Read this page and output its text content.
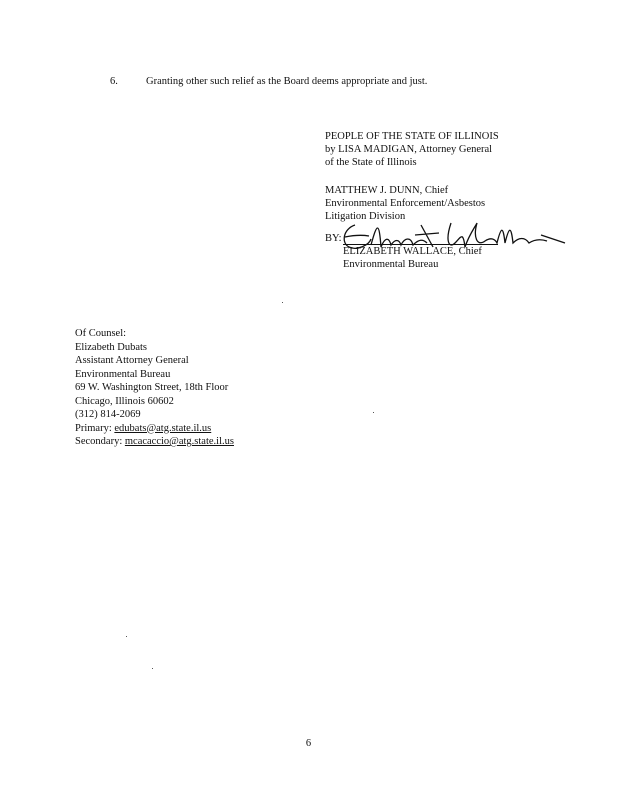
6.	Granting other such relief as the Board deems appropriate and just.
PEOPLE OF THE STATE OF ILLINOIS
by LISA MADIGAN, Attorney General
of the State of Illinois
MATTHEW J. DUNN, Chief
Environmental Enforcement/Asbestos
Litigation Division
BY:
ELIZABETH WALLACE, Chief
Environmental Bureau
Of Counsel:
Elizabeth Dubats
Assistant Attorney General
Environmental Bureau
69 W. Washington Street, 18th Floor
Chicago, Illinois 60602
(312) 814-2069
Primary: edubats@atg.state.il.us
Secondary: mcacaccio@atg.state.il.us
6
